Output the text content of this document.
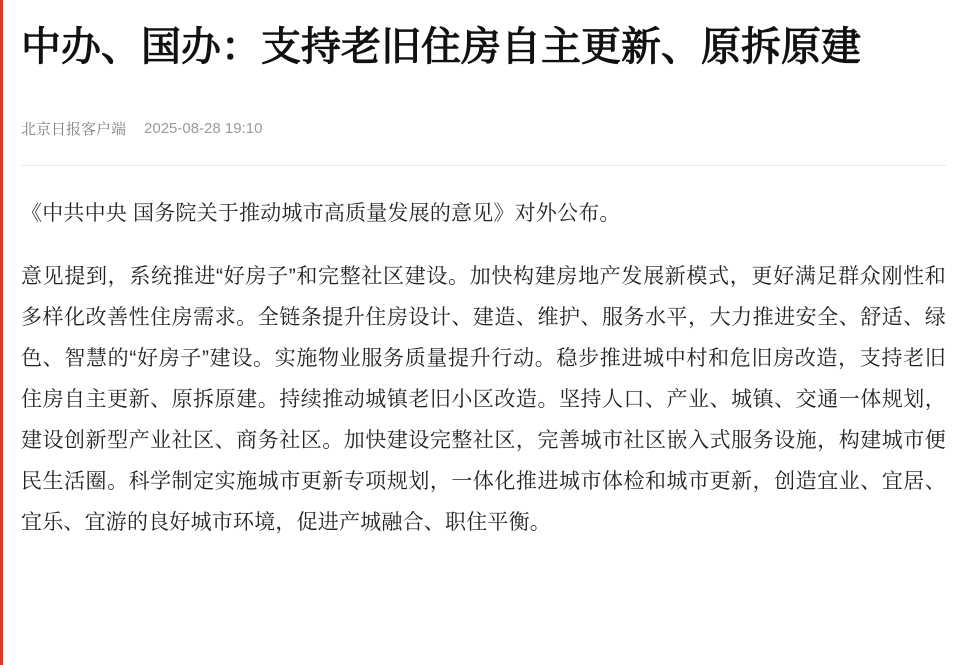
中办、国办：支持老旧住房自主更新、原拆原建
北京日报客户端 2025-08-28 19:10

《中共中央 国务院关于推动城市高质量发展的意见》对外公布。

意见提到，系统推进“好房子”和完整社区建设。加快构建房地产发展新模式，更好满足群众刚性和多样化改善性住房需求。全链条提升住房设计、建造、维护、服务水平，大力推进安全、舒适、绿色、智慧的“好房子”建设。实施物业服务质量提升行动。稳步推进城中村和危旧房改造，支持老旧住房自主更新、原拆原建。持续推动城镇老旧小区改造。坚持人口、产业、城镇、交通一体规划，建设创新型产业社区、商务社区。加快建设完整社区，完善城市社区嵌入式服务设施，构建城市便民生活圈。科学制定实施城市更新专项规划，一体化推进城市体检和城市更新，创造宜业、宜居、宜乐、宜游的良好城市环境，促进产城融合、职住平衡。
